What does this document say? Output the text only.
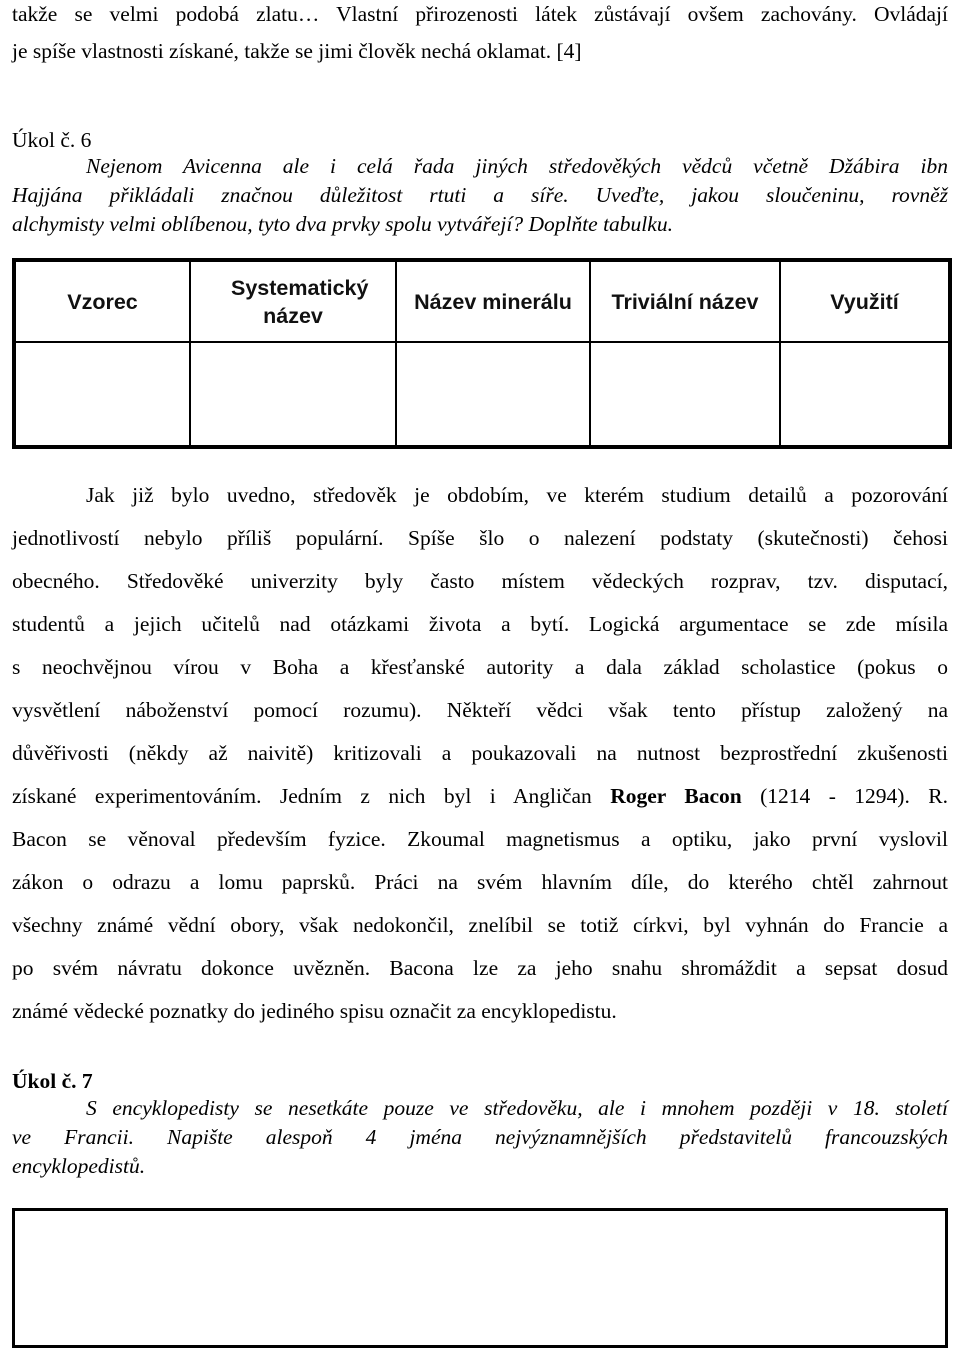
takže se velmi podobá zlatu… Vlastní přirozenosti látek zůstávají ovšem zachovány. Ovládají
je spíše vlastnosti získané, takže se jimi člověk nechá oklamat. [4]
Úkol č. 6
Nejenom Avicenna ale i celá řada jiných středověkých vědců včetně Džábira ibn
Hajjána přikládali značnou důležitost rtuti a síře. Uveďte, jakou sloučeninu, rovněž
alchymisty velmi oblíbenou, tyto dva prvky spolu vytvářejí? Doplňte tabulku.
Vzorec	Systematický název	Název minerálu	Triviální název	Využití

Jak již bylo uvedno, středověk je obdobím, ve kterém studium detailů a pozorování
jednotlivostí nebylo příliš populární. Spíše šlo o nalezení podstaty (skutečnosti) čehosi
obecného. Středověké univerzity byly často místem vědeckých rozprav, tzv. disputací,
studentů a jejich učitelů nad otázkami života a bytí. Logická argumentace se zde mísila
s neochvějnou vírou v Boha a křesťanské autority a dala základ scholastice (pokus o
vysvětlení náboženství pomocí rozumu). Někteří vědci však tento přístup založený na
důvěřivosti (někdy až naivitě) kritizovali a poukazovali na nutnost bezprostřední zkušenosti
získané experimentováním. Jedním z nich byl i Angličan Roger Bacon (1214 - 1294). R.
Bacon se věnoval především fyzice. Zkoumal magnetismus a optiku, jako první vyslovil
zákon o odrazu a lomu paprsků. Práci na svém hlavním díle, do kterého chtěl zahrnout
všechny známé vědní obory, však nedokončil, znelíbil se totiž církvi, byl vyhnán do Francie a
po svém návratu dokonce uvězněn. Bacona lze za jeho snahu shromáždit a sepsat dosud
známé vědecké poznatky do jediného spisu označit za encyklopedistu.
Úkol č. 7
S encyklopedisty se nesetkáte pouze ve středověku, ale i mnohem později v 18. století
ve Francii. Napište alespoň 4 jména nejvýznamnějších představitelů francouzských
encyklopedistů.
